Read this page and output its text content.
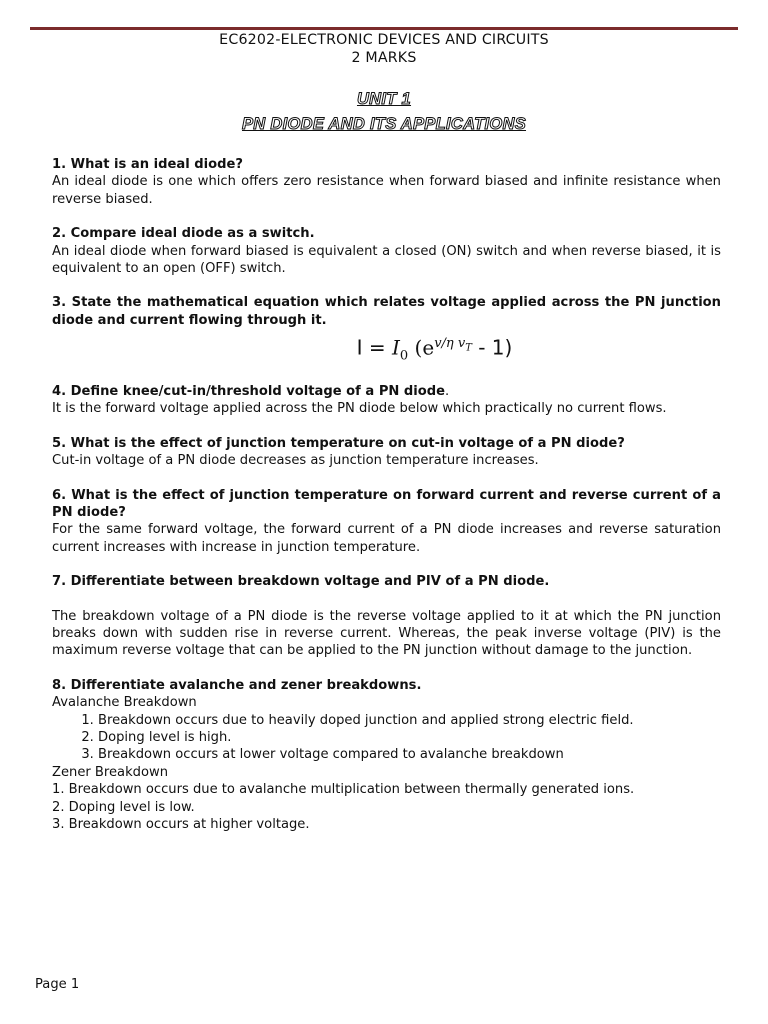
EC6202-ELECTRONIC DEVICES AND CIRCUITS
2 MARKS
UNIT 1
PN DIODE AND ITS APPLICATIONS
1. What is an ideal diode?
An ideal diode is one which offers zero resistance when forward biased and infinite resistance when reverse biased.
2. Compare ideal diode as a switch.
An ideal diode when forward biased is equivalent a closed (ON) switch and when reverse biased, it is equivalent to an open (OFF) switch.
3. State the mathematical equation which relates voltage applied across the PN junction diode and current flowing through it.
$I = I_0$ $(e^{v/\eta v_T} - 1)$
4. Define knee/cut-in/threshold voltage of a PN diode.
It is the forward voltage applied across the PN diode below which practically no current flows.
5. What is the effect of junction temperature on cut-in voltage of a PN diode?
Cut-in voltage of a PN diode decreases as junction temperature increases.
6. What is the effect of junction temperature on forward current and reverse current of a PN diode?
For the same forward voltage, the forward current of a PN diode increases and reverse saturation current increases with increase in junction temperature.
7. Differentiate between breakdown voltage and PIV of a PN diode.
The breakdown voltage of a PN diode is the reverse voltage applied to it at which the PN junction breaks down with sudden rise in reverse current. Whereas, the peak inverse voltage (PIV) is the maximum reverse voltage that can be applied to the PN junction without damage to the junction.
8. Differentiate avalanche and zener breakdowns.
Avalanche Breakdown
1. Breakdown occurs due to heavily doped junction and applied strong electric field.
2. Doping level is high.
3. Breakdown occurs at lower voltage compared to avalanche breakdown
Zener Breakdown
1. Breakdown occurs due to avalanche multiplication between thermally generated ions.
2. Doping level is low.
3. Breakdown occurs at higher voltage.
Page 1
